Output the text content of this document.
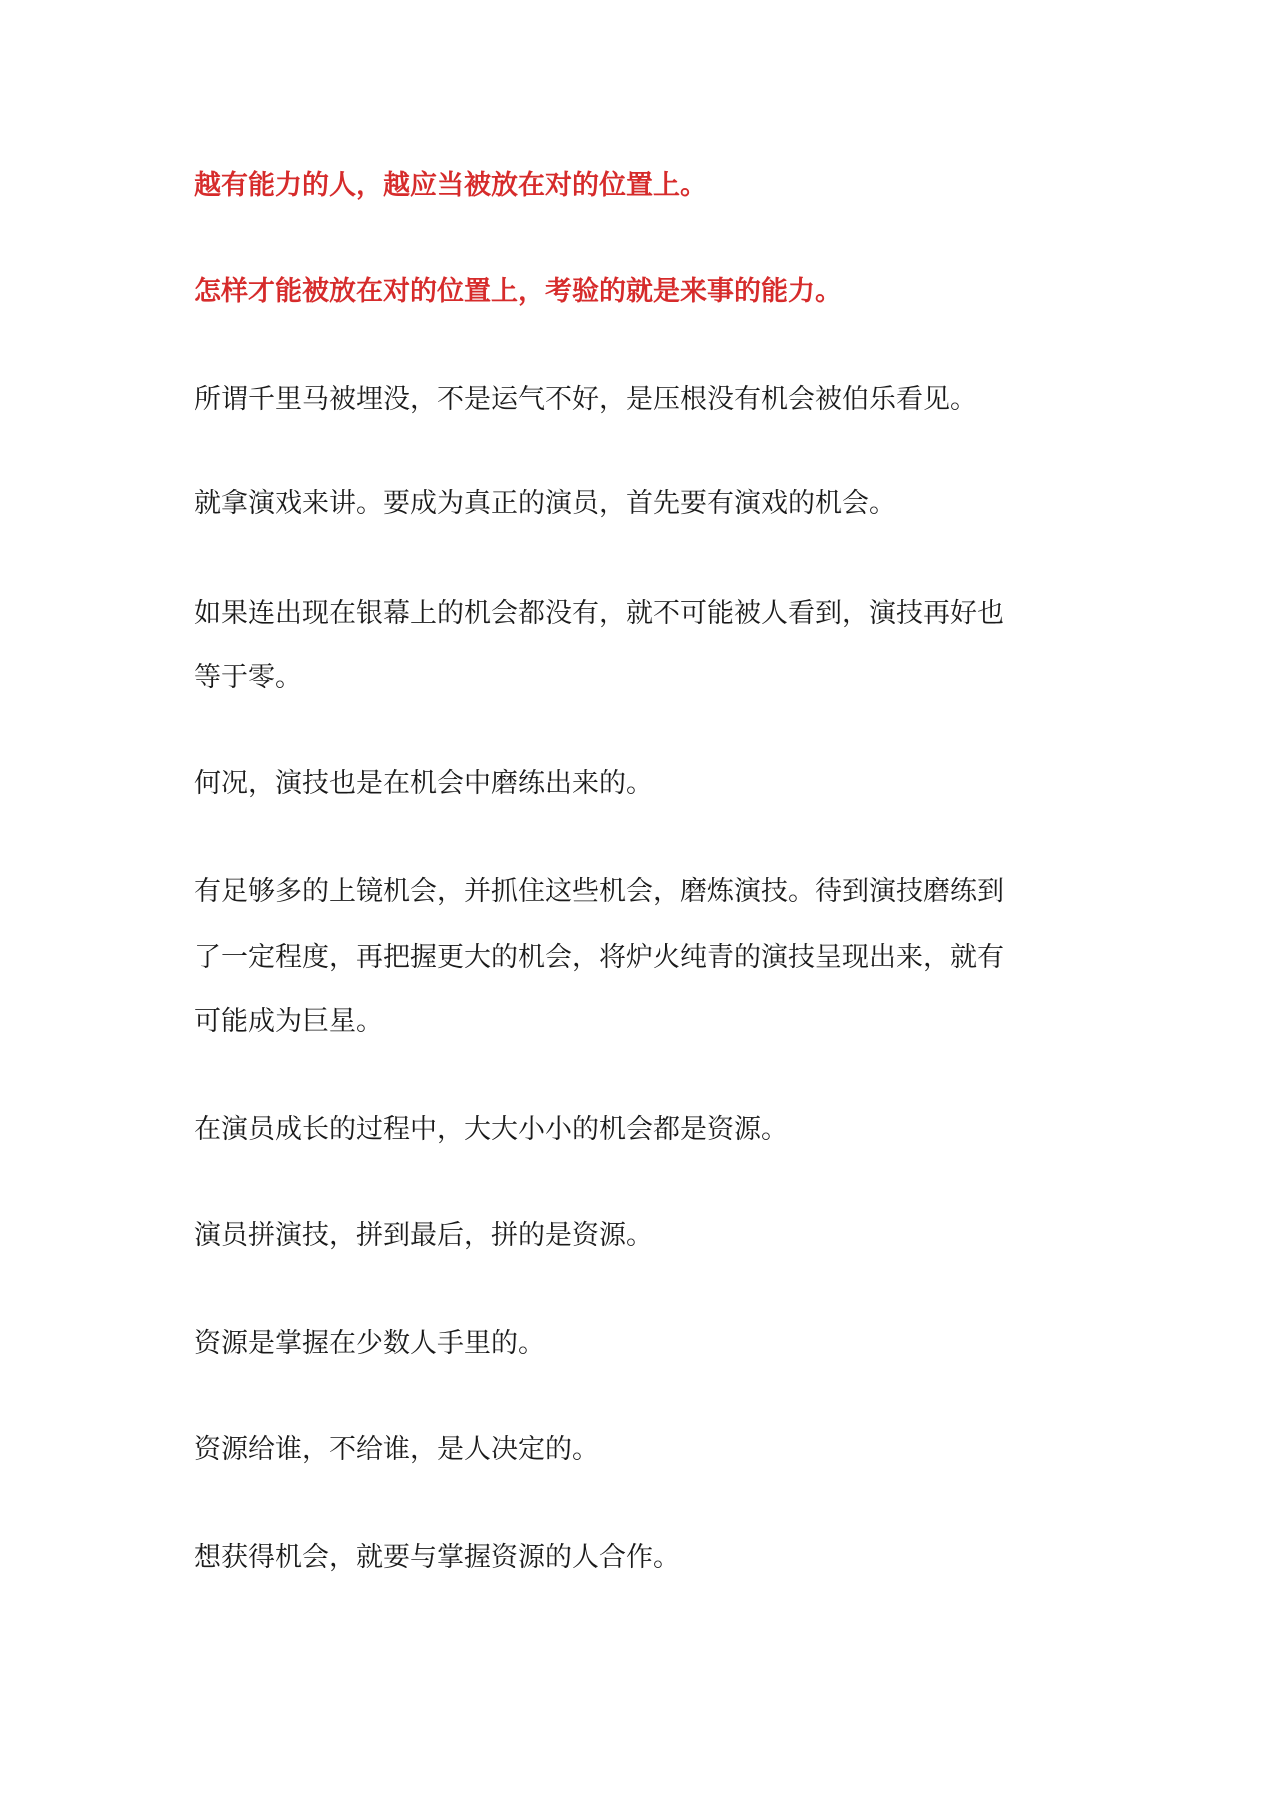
越有能力的人，越应当被放在对的位置上。

怎样才能被放在对的位置上，考验的就是来事的能力。

所谓千里马被埋没，不是运气不好，是压根没有机会被伯乐看见。

就拿演戏来讲。要成为真正的演员，首先要有演戏的机会。

如果连出现在银幕上的机会都没有，就不可能被人看到，演技再好也

等于零。

何况，演技也是在机会中磨练出来的。

有足够多的上镜机会，并抓住这些机会，磨炼演技。待到演技磨练到

了一定程度，再把握更大的机会，将炉火纯青的演技呈现出来，就有

可能成为巨星。

在演员成长的过程中，大大小小的机会都是资源。

演员拼演技，拼到最后，拼的是资源。

资源是掌握在少数人手里的。

资源给谁，不给谁，是人决定的。

想获得机会，就要与掌握资源的人合作。
